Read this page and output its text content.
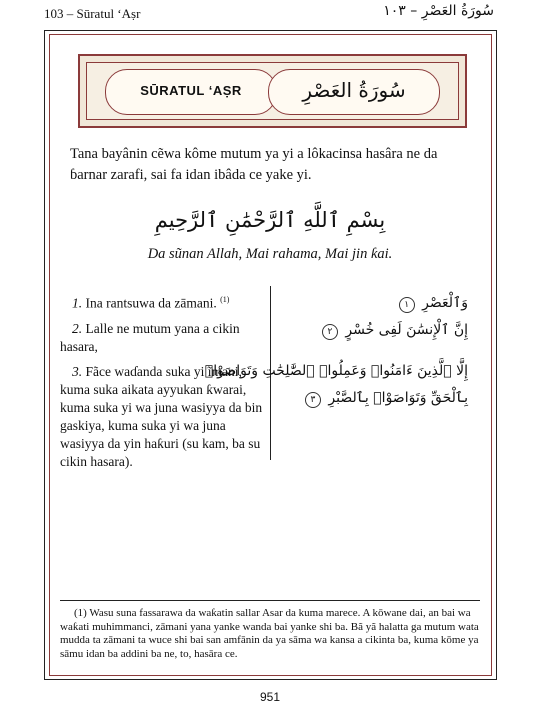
103 – Sūratul ‘Aṣr	سُورَةُ العَصْرِ – ١٠٣
SŪRATUL ‘AṢR	سُورَةُ العَصْرِ

Tana bayânin cẽwa kôme mutum ya yi a lôkacinsa hasâra ne da ɓarnar zarafi, sai fa idan ibâda ce yake yi.

بِسْمِ ٱللَّهِ ٱلرَّحْمَٰنِ ٱلرَّحِيمِ
Da sũnan Allah, Mai rahama, Mai jin ƙai.
1. Ina rantsuwa da zāmani. $^{(1)}$
2. Lalle ne mutum yana a cikin hasara,
3. Fãce waɗanda suka yi ĩmani, kuma suka aikata ayyukan ƙwarai, kuma suka yi wa juna wasiyya da bin gaskiya, kuma suka yi wa juna wasiyya da yin haƙuri (su kam, ba su cikin hasara).
وَٱلْعَصْرِ ١
إِنَّ ٱلْإِنسَٰنَ لَفِى خُسْرٍ ٢
إِلَّا ٱلَّذِينَ ءَامَنُوا۟ وَعَمِلُوا۟ ٱلصَّٰلِحَٰتِ وَتَوَاصَوْا۟
بِٱلْحَقِّ وَتَوَاصَوْا۟ بِٱلصَّبْرِ ٣

(1) Wasu suna fassarawa da waƙatin sallar Asar da kuma marece. A kōwane dai, an bai wa waƙati muhimmanci, zāmani yana yanke wanda bai yanke shi ba. Bã yã halatta ga mutum wata mudda ta zāmani ta wuce shi bai san amfānin da ya sāma wa kansa a cikinta ba, kuma kōme ya sāmu idan ba addini ba ne, to, hasāra ce.

951
